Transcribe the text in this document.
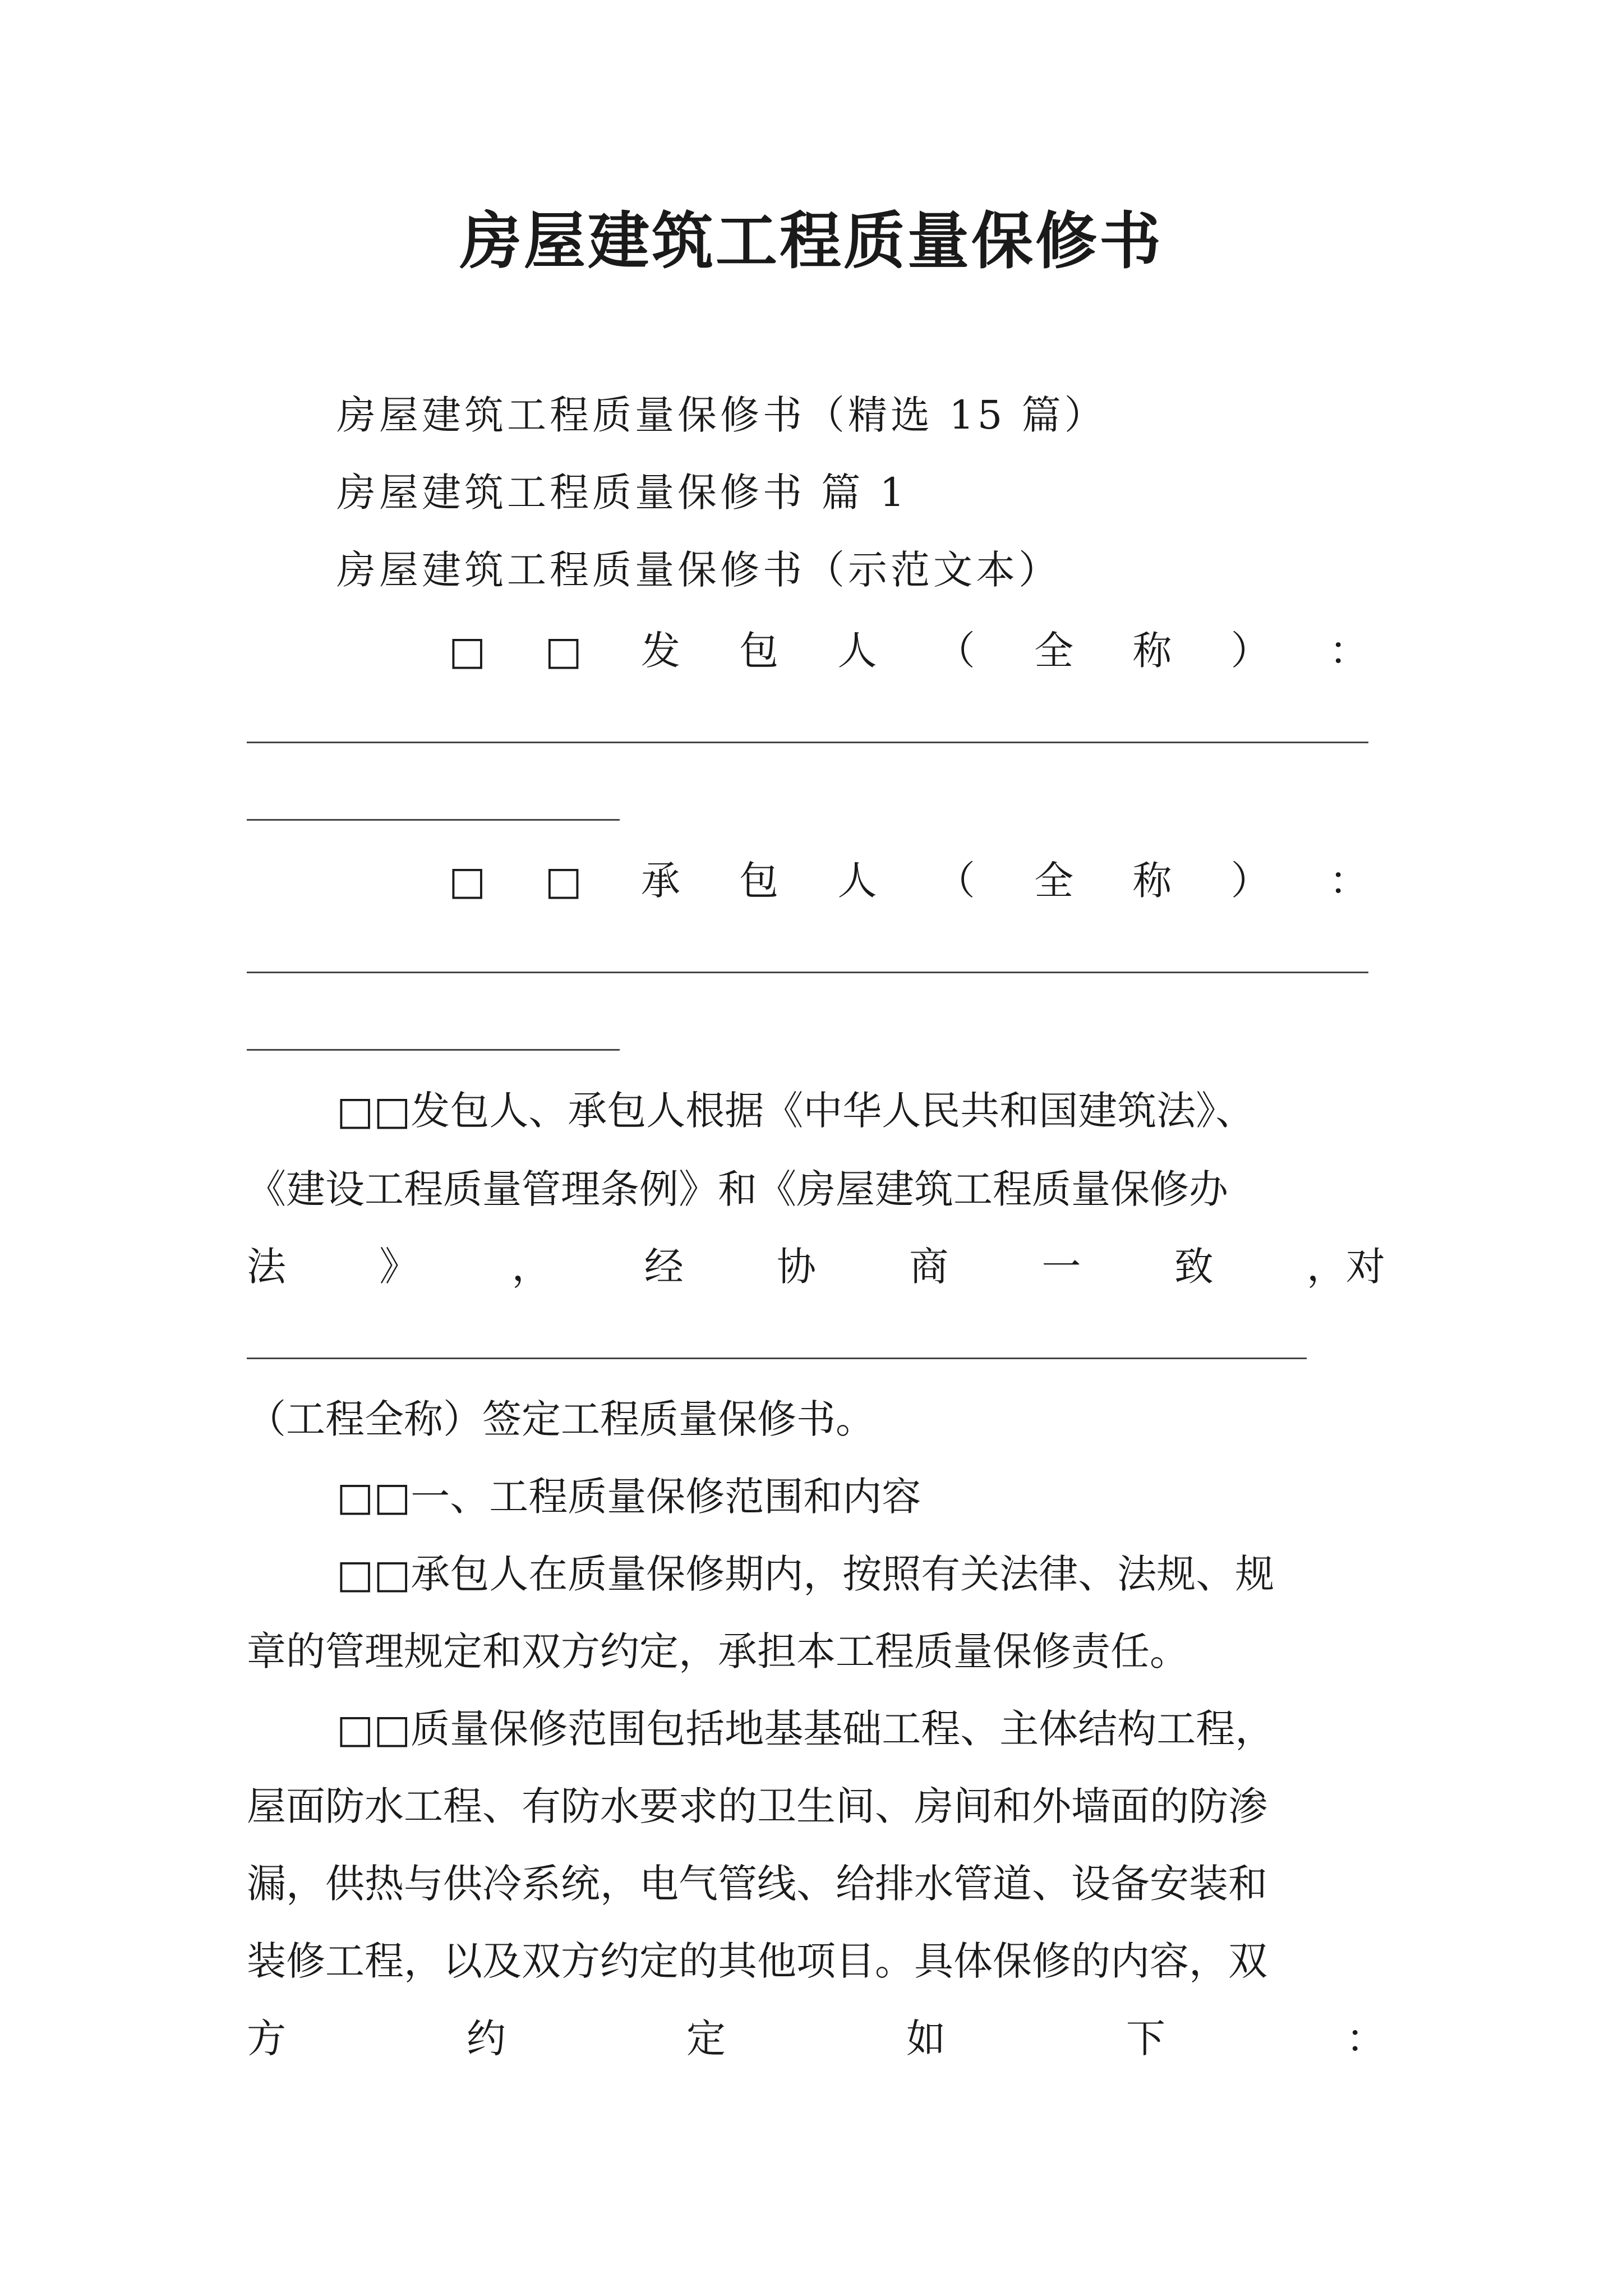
房屋建筑工程质量保修书
房屋建筑工程质量保修书（精选 15 篇）
房屋建筑工程质量保修书 篇 1
房屋建筑工程质量保修书（示范文本）
□ □ 发 包 人 （ 全 称 ） ：
□ □ 承 包 人 （ 全 称 ） ：
□□发包人、承包人根据《中华人民共和国建筑法》、
《建设工程质量管理条例》和《房屋建筑工程质量保修办
法 》 ， 经 协 商 一 致 ，对
（工程全称）签定工程质量保修书。
□□一、工程质量保修范围和内容
□□承包人在质量保修期内，按照有关法律、法规、规
章的管理规定和双方约定，承担本工程质量保修责任。
□□质量保修范围包括地基基础工程、主体结构工程，
屋面防水工程、有防水要求的卫生间、房间和外墙面的防渗
漏，供热与供冷系统，电气管线、给排水管道、设备安装和
装修工程，以及双方约定的其他项目。具体保修的内容，双
方	约	定	如	下	：
